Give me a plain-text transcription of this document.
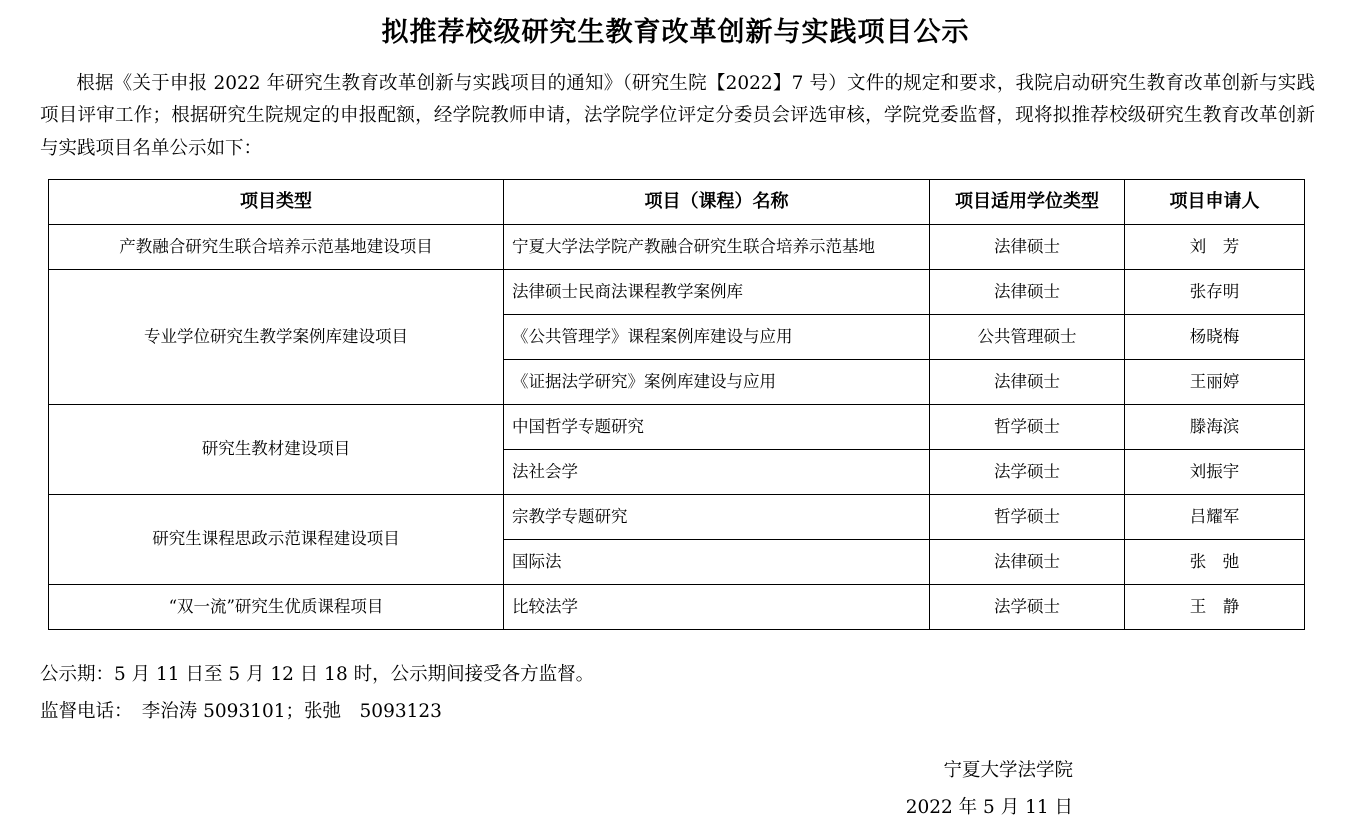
拟推荐校级研究生教育改革创新与实践项目公示

根据《关于申报 2022 年研究生教育改革创新与实践项目的通知》（研究生院【2022】7 号）文件的规定和要求，我院启动研究生教育改革创新与实践项目评审工作；根据研究生院规定的申报配额，经学院教师申请，法学院学位评定分委员会评选审核，学院党委监督，现将拟推荐校级研究生教育改革创新与实践项目名单公示如下：

项目类型	项目（课程）名称	项目适用学位类型	项目申请人
产教融合研究生联合培养示范基地建设项目	宁夏大学法学院产教融合研究生联合培养示范基地	法律硕士	刘　芳
专业学位研究生教学案例库建设项目	法律硕士民商法课程教学案例库	法律硕士	张存明
	《公共管理学》课程案例库建设与应用	公共管理硕士	杨晓梅
	《证据法学研究》案例库建设与应用	法律硕士	王丽婷
研究生教材建设项目	中国哲学专题研究	哲学硕士	滕海滨
	法社会学	法学硕士	刘振宇
研究生课程思政示范课程建设项目	宗教学专题研究	哲学硕士	吕耀军
	国际法	法律硕士	张　弛
“双一流”研究生优质课程项目	比较法学	法学硕士	王　静
公示期：5 月 11 日至 5 月 12 日 18 时，公示期间接受各方监督。
监督电话：　李治涛 5093101；张弛　5093123
宁夏大学法学院
2022 年 5 月 11 日
